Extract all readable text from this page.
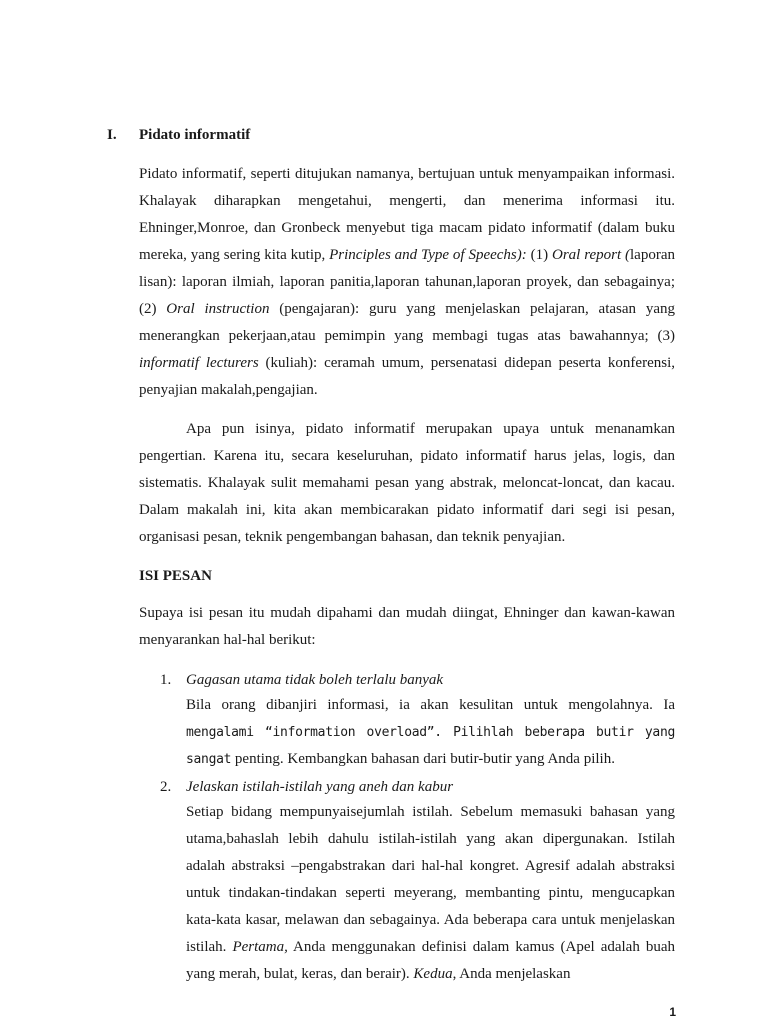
I. Pidato informatif

Pidato informatif, seperti ditujukan namanya, bertujuan untuk menyampaikan informasi. Khalayak diharapkan mengetahui, mengerti, dan menerima informasi itu. Ehninger,Monroe, dan Gronbeck menyebut tiga macam pidato informatif (dalam buku mereka, yang sering kita kutip, Principles and Type of Speechs): (1) Oral report (laporan lisan): laporan ilmiah, laporan panitia,laporan tahunan,laporan proyek, dan sebagainya; (2) Oral instruction (pengajaran): guru yang menjelaskan pelajaran, atasan yang menerangkan pekerjaan,atau pemimpin yang membagi tugas atas bawahannya; (3) informatif lecturers (kuliah): ceramah umum, persenatasi didepan peserta konferensi, penyajian makalah,pengajian.

Apa pun isinya, pidato informatif merupakan upaya untuk menanamkan pengertian. Karena itu, secara keseluruhan, pidato informatif harus jelas, logis, dan sistematis. Khalayak sulit memahami pesan yang abstrak, meloncat-loncat, dan kacau. Dalam makalah ini, kita akan membicarakan pidato informatif dari segi isi pesan, organisasi pesan, teknik pengembangan bahasan, dan teknik penyajian.

ISI PESAN

Supaya isi pesan itu mudah dipahami dan mudah diingat, Ehninger dan kawan-kawan menyarankan hal-hal berikut:

1. Gagasan utama tidak boleh terlalu banyak

Bila orang dibanjiri informasi, ia akan kesulitan untuk mengolahnya. Ia mengalami “information overload”. Pilihlah beberapa butir yang sangat penting. Kembangkan bahasan dari butir-butir yang Anda pilih.

2. Jelaskan istilah-istilah yang aneh dan kabur

Setiap bidang mempunyaisejumlah istilah. Sebelum memasuki bahasan yang utama,bahaslah lebih dahulu istilah-istilah yang akan dipergunakan. Istilah adalah abstraksi –pengabstrakan dari hal-hal kongret. Agresif adalah abstraksi untuk tindakan-tindakan seperti meyerang, membanting pintu, mengucapkan kata-kata kasar, melawan dan sebagainya. Ada beberapa cara untuk menjelaskan istilah. Pertama, Anda menggunakan definisi dalam kamus (Apel adalah buah yang merah, bulat, keras, dan berair). Kedua, Anda menjelaskan

1
